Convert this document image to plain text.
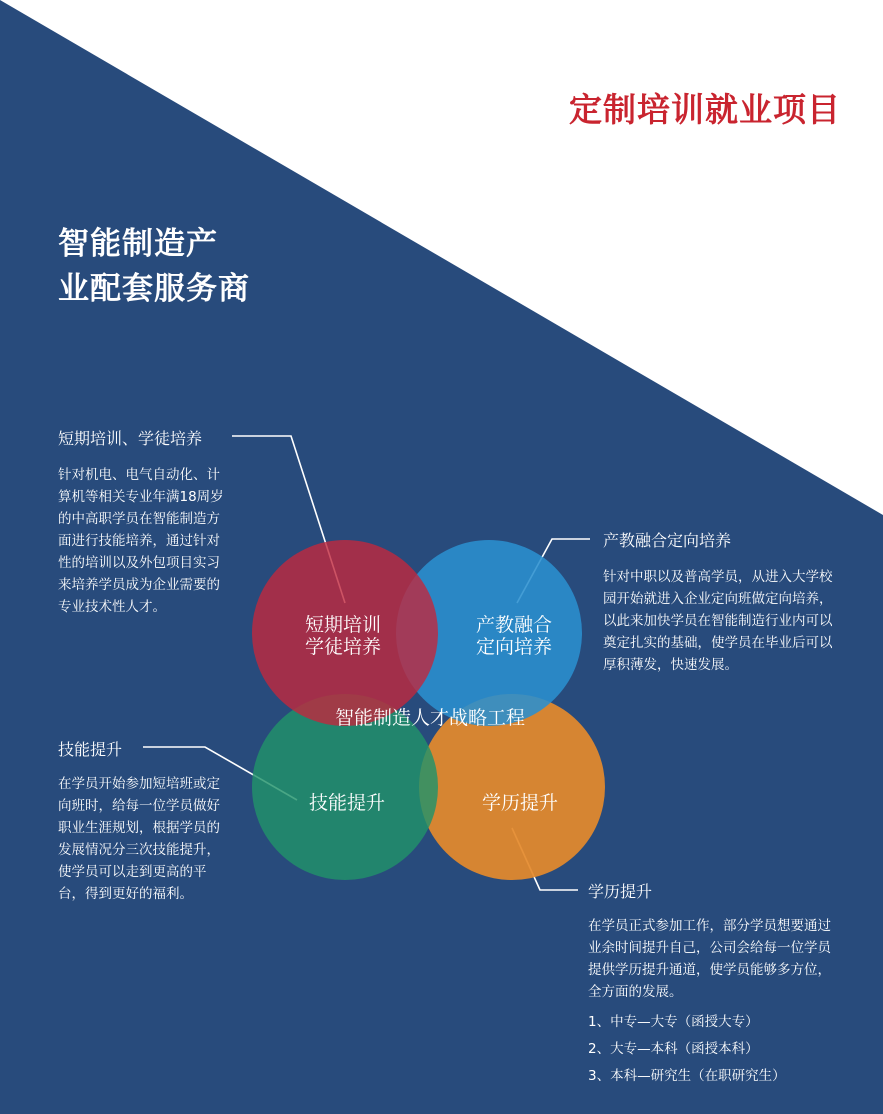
定制培训就业项目
智能制造产
业配套服务商
短期培训
学徒培养
产教融合
定向培养
智能制造人才战略工程
技能提升	学历提升
短期培训、学徒培养
针对机电、电气自动化、计算机等相关专业年满18周岁的中高职学员在智能制造方面进行技能培养，通过针对性的培训以及外包项目实习来培养学员成为企业需要的专业技术性人才。
产教融合定向培养
针对中职以及普高学员，从进入大学校园开始就进入企业定向班做定向培养，以此来加快学员在智能制造行业内可以奠定扎实的基础，使学员在毕业后可以厚积薄发，快速发展。
技能提升
在学员开始参加短培班或定向班时，给每一位学员做好职业生涯规划，根据学员的发展情况分三次技能提升，使学员可以走到更高的平台，得到更好的福利。	学历提升
在学员正式参加工作，部分学员想要通过业余时间提升自己，公司会给每一位学员提供学历提升通道，使学员能够多方位，全方面的发展。
1、中专—大专（函授大专）
2、大专—本科（函授本科）
3、本科—研究生（在职研究生）
